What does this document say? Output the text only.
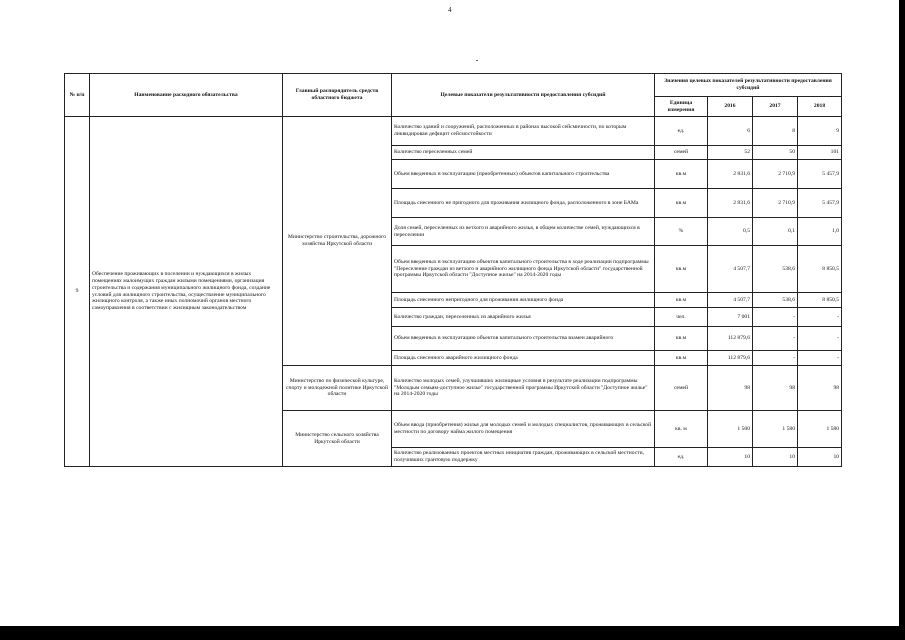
4
№ п/п	Наименование расходного обязательства	Главный распорядитель средств областного бюджета	Целевые показатели результативности предоставления субсидий	Значения целевых показателей результативности предоставления субсидий			
				Единица измерения	2016	2017	2018
9	Обеспечение проживающих в поселении и нуждающихся в жилых помещениях малоимущих граждан жилыми помещениями, организация строительства и содержания муниципального жилищного фонда, создание условий для жилищного строительства, осуществление муниципального жилищного контроля, а также иных полномочий органов местного самоуправления в соответствии с жилищным законодательством	Министерство строительства, дорожного хозяйства Иркутской области	Количество зданий и сооружений, расположенных в районах высокой сейсмичности, по которым ликвидирован дефицит сейсмостойкости	ед.	6	8	9
			Количество переселенных семей	семей	52	50	101
			Объем введенных в эксплуатацию (приобретенных) объектов капитального строительства	кв.м	2 831,6	2 710,9	5 457,9
			Площадь снесенного не пригодного для проживания жилищного фонда, расположенного в зоне БАМа	кв.м	2 831,6	2 710,9	5 457,9
			Доля семей, переселенных из ветхого и аварийного жилья, в общем количестве семей, нуждающихся в переселении	%	0,5	0,1	1,0
			Объем введенных в эксплуатацию объектов капитального строительства в ходе реализации подпрограммы "Переселение граждан из ветхого и аварийного жилищного фонда Иркутской области" государственной программы Иркутской области "Доступное жилье" на 2014-2020 годы	кв.м	4 507,7	538,6	8 850,5
			Площадь снесенного непригодного для проживания жилищного фонда	кв.м	4 507,7	538,6	8 850,5
			Количество граждан, переселенных из аварийного жилья	чел.	7 001	-	-
			Объем введенных в эксплуатацию объектов капитального строительства взамен аварийного	кв.м	112 879,6	-	-
			Площадь снесенного аварийного жилищного фонда	кв.м	112 879,6	-	-
		Министерство по физической культуре, спорту и молодежной политике Иркутской области	Количество молодых семей, улучшивших жилищные условия в результате реализации подпрограммы "Молодым семьям-доступное жилье" государственной программы Иркутской области "Доступное жилье" на 2014-2020 годы	семей	98	98	98
		Министерство сельского хозяйства Иркутской области	Объем ввода (приобретения) жилья для молодых семей и молодых специалистов, проживающих в сельской местности по договору найма жилого помещения	кв. м	1 500	1 580	1 580
			Количество реализованных проектов местных инициатив граждан, проживающих в сельской местности, получивших грантовую поддержку	ед.	10	10	10
